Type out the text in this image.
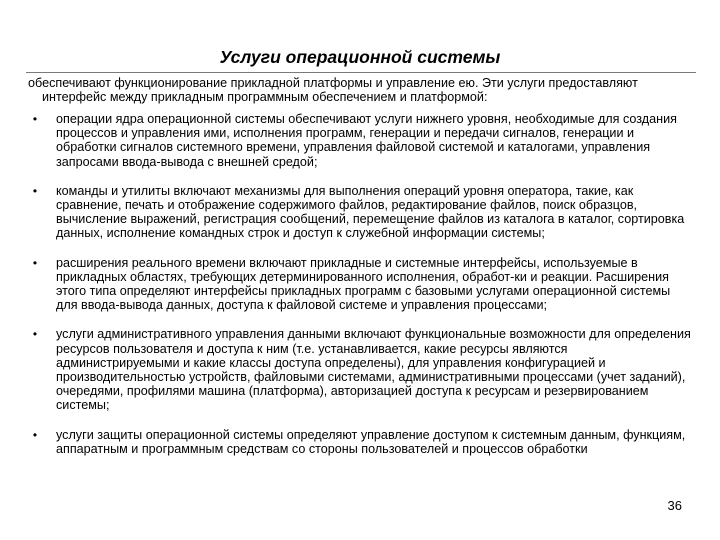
Услуги операционной системы
обеспечивают функционирование прикладной платформы и управление ею. Эти услуги предоставляют интерфейс между прикладным программным обеспечением и платформой:
•	операции ядра операционной системы обеспечивают услуги нижнего уровня, необходимые для создания процессов и управления ими, исполнения программ, генерации и передачи сигналов, генерации и обработки сигналов системного времени, управления файловой системой и каталогами, управления запросами ввода-вывода с внешней средой;
•	команды и утилиты включают механизмы для выполнения операций уровня оператора, такие, как сравнение, печать и отображение содержимого файлов, редактирование файлов, поиск образцов, вычисление выражений, регистрация сообщений, перемещение файлов из каталога в каталог, сортировка данных, исполнение командных строк и доступ к служебной информации системы;
•	расширения реального времени включают прикладные и системные интерфейсы, используемые в прикладных областях, требующих детерминированного исполнения, обработ-ки и реакции. Расширения этого типа определяют интерфейсы прикладных программ с базовыми услугами операционной системы для ввода-вывода данных, доступа к файловой системе и управления процессами;
•	услуги административного управления данными включают функциональные возможности для определения ресурсов пользователя и доступа к ним (т.е. устанавливается, какие ресурсы являются администрируемыми и какие классы доступа определены), для управления конфигурацией и производительностью устройств, файловыми системами, административными процессами (учет заданий), очередями, профилями машина (платформа), авторизацией доступа к ресурсам и резервированием системы;
•	услуги защиты операционной системы определяют управление доступом к системным данным, функциям, аппаратным и программным средствам со стороны пользователей и процессов обработки
36
